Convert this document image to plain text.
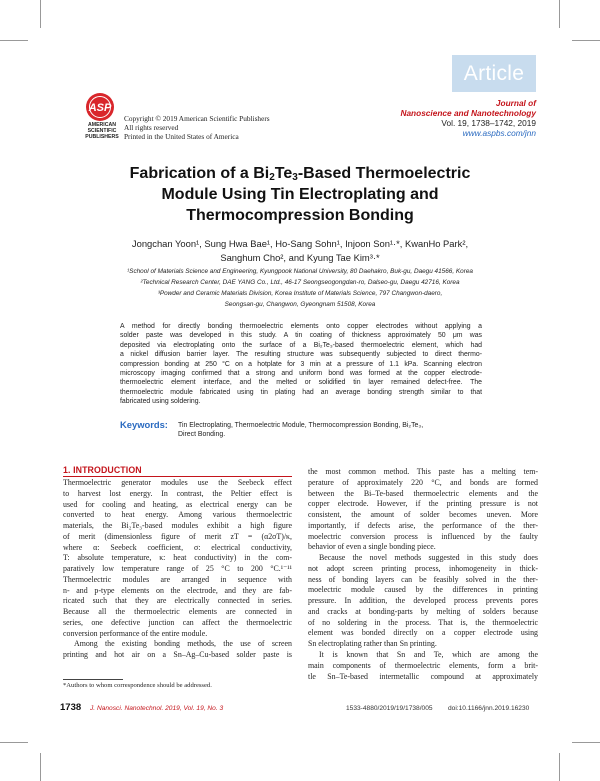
Article
ASP
AMERICAN
SCIENTIFIC
PUBLISHERS
Copyright © 2019 American Scientific Publishers
All rights reserved
Printed in the United States of America
Journal of
Nanoscience and Nanotechnology
Vol. 19, 1738–1742, 2019
www.aspbs.com/jnn
Fabrication of a $Bi_2Te_3$-Based Thermoelectric
Module Using Tin Electroplating and
Thermocompression Bonding
Jongchan Yoon¹, Sung Hwa Bae¹, Ho-Sang Sohn¹, Injoon Son¹·*, KwanHo Park²,
Sanghum Cho², and Kyung Tae Kim³·*
¹School of Materials Science and Engineering, Kyungpook National University, 80 Daehakro, Buk-gu, Daegu 41566, Korea
²Technical Research Center, DAE YANG Co., Ltd., 46-17 Seongseogongdan-ro, Dalseo-gu, Daegu 42716, Korea
³Powder and Ceramic Materials Division, Korea Institute of Materials Science, 797 Changwon-daero,
Seongsan-gu, Changwon, Gyeongnam 51508, Korea
A method for directly bonding thermoelectric elements onto copper electrodes without applying a
solder paste was developed in this study. A tin coating of thickness approximately 50 μm was
deposited via electroplating onto the surface of a Bi₂Te₃-based thermoelectric element, which had
a nickel diffusion barrier layer. The resulting structure was subsequently subjected to direct thermo-
compression bonding at 250 °C on a hotplate for 3 min at a pressure of 1.1 kPa. Scanning electron
microscopy imaging confirmed that a strong and uniform bond was formed at the copper electrode-
thermoelectric element interface, and the melted or solidified tin layer remained defect-free. The
thermoelectric module fabricated using tin plating had an average bonding strength similar to that
fabricated using soldering.
Keywords: Tin Electroplating, Thermoelectric Module, Thermocompression Bonding, Bi₂Te₃,
Direct Bonding.
1. INTRODUCTION
Thermoelectric generator modules use the Seebeck effect
to harvest lost energy. In contrast, the Peltier effect is
used for cooling and heating, as electrical energy can be
converted to heat energy. Among various thermoelectric
materials, the Bi₂Te₃-based modules exhibit a high figure
of merit (dimensionless figure of merit zT = (α2σT)/κ,
where α: Seebeck coefficient, σ: electrical conductivity,
T: absolute temperature, κ: heat conductivity) in the com-
paratively low temperature range of 25 °C to 200 °C.¹⁻¹¹
Thermoelectric modules are arranged in sequence with
n- and p-type elements on the electrode, and they are fab-
ricated such that they are electrically connected in series.
Because all the thermoelectric elements are connected in
series, one defective junction can affect the thermoelectric
conversion performance of the entire module.
Among the existing bonding methods, the use of screen
printing and hot air on a Sn–Ag–Cu-based solder paste is
the most common method. This paste has a melting tem-
perature of approximately 220 °C, and bonds are formed
between the Bi–Te-based thermoelectric elements and the
copper electrode. However, if the printing pressure is not
consistent, the amount of solder becomes uneven. More
importantly, if defects arise, the performance of the ther-
moelectric conversion process is influenced by the faulty
behavior of even a single bonding piece.
Because the novel methods suggested in this study does
not adopt screen printing process, inhomogeneity in thick-
ness of bonding layers can be feasibly solved in the ther-
moelectric module caused by the differences in printing
pressure. In addition, the developed process prevents pores
and cracks at bonding-parts by melting of solders because
of no soldering in the process. That is, the thermoelectric
element was bonded directly on a copper electrode using
Sn electroplating rather than Sn printing.
It is known that Sn and Te, which are among the
main components of thermoelectric elements, form a brit-
tle Sn–Te-based intermetallic compound at approximately
*Authors to whom correspondence should be addressed.
1738 J. Nanosci. Nanotechnol. 2019, Vol. 19, No. 3	1533-4880/2019/19/1738/005 doi:10.1166/jnn.2019.16230
